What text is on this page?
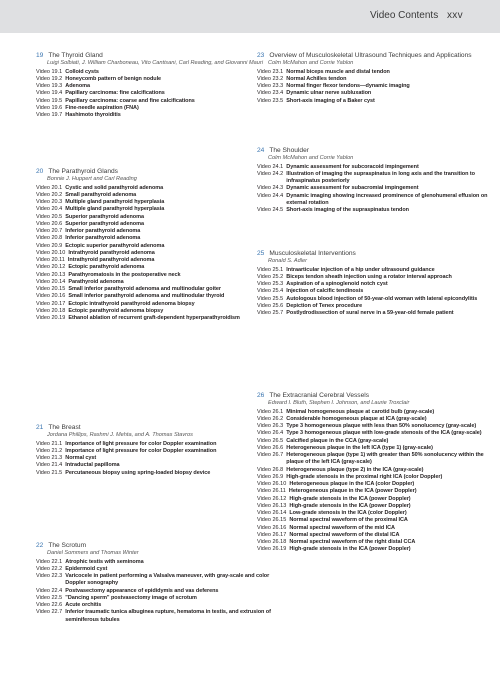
Video Contents xxv
19 The Thyroid Gland
Luigi Solbiati, J. William Charboneau, Vito Cantisani, Carl Reading, and Giovanni Mauri
Video 19.1 Colloid cysts
Video 19.2 Honeycomb pattern of benign nodule
Video 19.3 Adenoma
Video 19.4 Papillary carcinoma: fine calcifications
Video 19.5 Papillary carcinoma: coarse and fine calcifications
Video 19.6 Fine-needle aspiration (FNA)
Video 19.7 Hashimoto thyroiditis
20 The Parathyroid Glands
Bonnie J. Huppert and Carl Reading
Video 20.1 Cystic and solid parathyroid adenoma
Video 20.2 Small parathyroid adenoma
Video 20.3 Multiple gland parathyroid hyperplasia
Video 20.4 Multiple gland parathyroid hyperplasia
Video 20.5 Superior parathyroid adenoma
Video 20.6 Superior parathyroid adenoma
Video 20.7 Inferior parathyroid adenoma
Video 20.8 Inferior parathyroid adenoma
Video 20.9 Ectopic superior parathyroid adenoma
Video 20.10 Intrathyroid parathyroid adenoma
Video 20.11 Intrathyroid parathyroid adenoma
Video 20.12 Ectopic parathyroid adenoma
Video 20.13 Parathyromatosis in the postoperative neck
Video 20.14 Parathyroid adenoma
Video 20.15 Small inferior parathyroid adenoma and multinodular goiter
Video 20.16 Small inferior parathyroid adenoma and multinodular thyroid
Video 20.17 Ectopic intrathyroid parathyroid adenoma biopsy
Video 20.18 Ectopic parathyroid adenoma biopsy
Video 20.19 Ethanol ablation of recurrent graft-dependent hyperparathyroidism
21 The Breast
Jordana Phillips, Rashmi J. Mehta, and A. Thomas Stavros
Video 21.1 Importance of light pressure for color Doppler examination
Video 21.2 Importance of light pressure for color Doppler examination
Video 21.3 Normal cyst
Video 21.4 Intraductal papilloma
Video 21.5 Percutaneous biopsy using spring-loaded biopsy device
22 The Scrotum
Daniel Sommers and Thomas Winter
Video 22.1 Atrophic testis with seminoma
Video 22.2 Epidermoid cyst
Video 22.3 Varicocele in patient performing a Valsalva maneuver, with gray-scale and color Doppler sonography
Video 22.4 Postvasectomy appearance of epididymis and vas deferens
Video 22.5 "Dancing sperm" postvasectomy image of scrotum
Video 22.6 Acute orchitis
Video 22.7 Inferior traumatic tunica albuginea rupture, hematoma in testis, and extrusion of seminiferous tubules
23 Overview of Musculoskeletal Ultrasound Techniques and Applications
Colm McMahon and Corrie Yablon
Video 23.1 Normal biceps muscle and distal tendon
Video 23.2 Normal Achilles tendon
Video 23.3 Normal finger flexor tendons—dynamic imaging
Video 23.4 Dynamic ulnar nerve subluxation
Video 23.5 Short-axis imaging of a Baker cyst
24 The Shoulder
Colm McMahon and Corrie Yablon
Video 24.1 Dynamic assessment for subcoracoid impingement
Video 24.2 Illustration of imaging the supraspinatus in long axis and the transition to infraspinatus posteriorly
Video 24.3 Dynamic assessment for subacromial impingement
Video 24.4 Dynamic imaging showing increased prominence of glenohumeral effusion on external rotation
Video 24.5 Short-axis imaging of the supraspinatus tendon
25 Musculoskeletal Interventions
Ronald S. Adler
Video 25.1 Intraarticular injection of a hip under ultrasound guidance
Video 25.2 Biceps tendon sheath injection using a rotator interval approach
Video 25.3 Aspiration of a spinoglenoid notch cyst
Video 25.4 Injection of calcific tendinosis
Video 25.5 Autologous blood injection of 50-year-old woman with lateral epicondylitis
Video 25.6 Depiction of Tenex procedure
Video 25.7 Postlydrodissection of sural nerve in a 59-year-old female patient
26 The Extracranial Cerebral Vessels
Edward I. Bluth, Stephen I. Johnson, and Laurie Troxclair
Video 26.1 Minimal homogeneous plaque at carotid bulb (gray-scale)
Video 26.2 Considerable homogeneous plaque at ICA (gray-scale)
Video 26.3 Type 3 homogeneous plaque with less than 50% sonolucency (gray-scale)
Video 26.4 Type 3 homogeneous plaque with low-grade stenosis of the ICA (gray-scale)
Video 26.5 Calcified plaque in the CCA (gray-scale)
Video 26.6 Heterogeneous plaque in the left ICA (type 1) (gray-scale)
Video 26.7 Heterogeneous plaque (type 1) with greater than 50% sonolucency within the plaque of the left ICA (gray-scale)
Video 26.8 Heterogeneous plaque (type 2) in the ICA (gray-scale)
Video 26.9 High-grade stenosis in the proximal right ICA (color Doppler)
Video 26.10 Heterogeneous plaque in the ICA (color Doppler)
Video 26.11 Heterogeneous plaque in the ICA (power Doppler)
Video 26.12 High-grade stenosis in the ICA (power Doppler)
Video 26.13 High-grade stenosis in the ICA (power Doppler)
Video 26.14 Low-grade stenosis in the ICA (color Doppler)
Video 26.15 Normal spectral waveform of the proximal ICA
Video 26.16 Normal spectral waveform of the mid ICA
Video 26.17 Normal spectral waveform of the distal ICA
Video 26.18 Normal spectral waveform of the right distal CCA
Video 26.19 High-grade stenosis in the ICA (power Doppler)
